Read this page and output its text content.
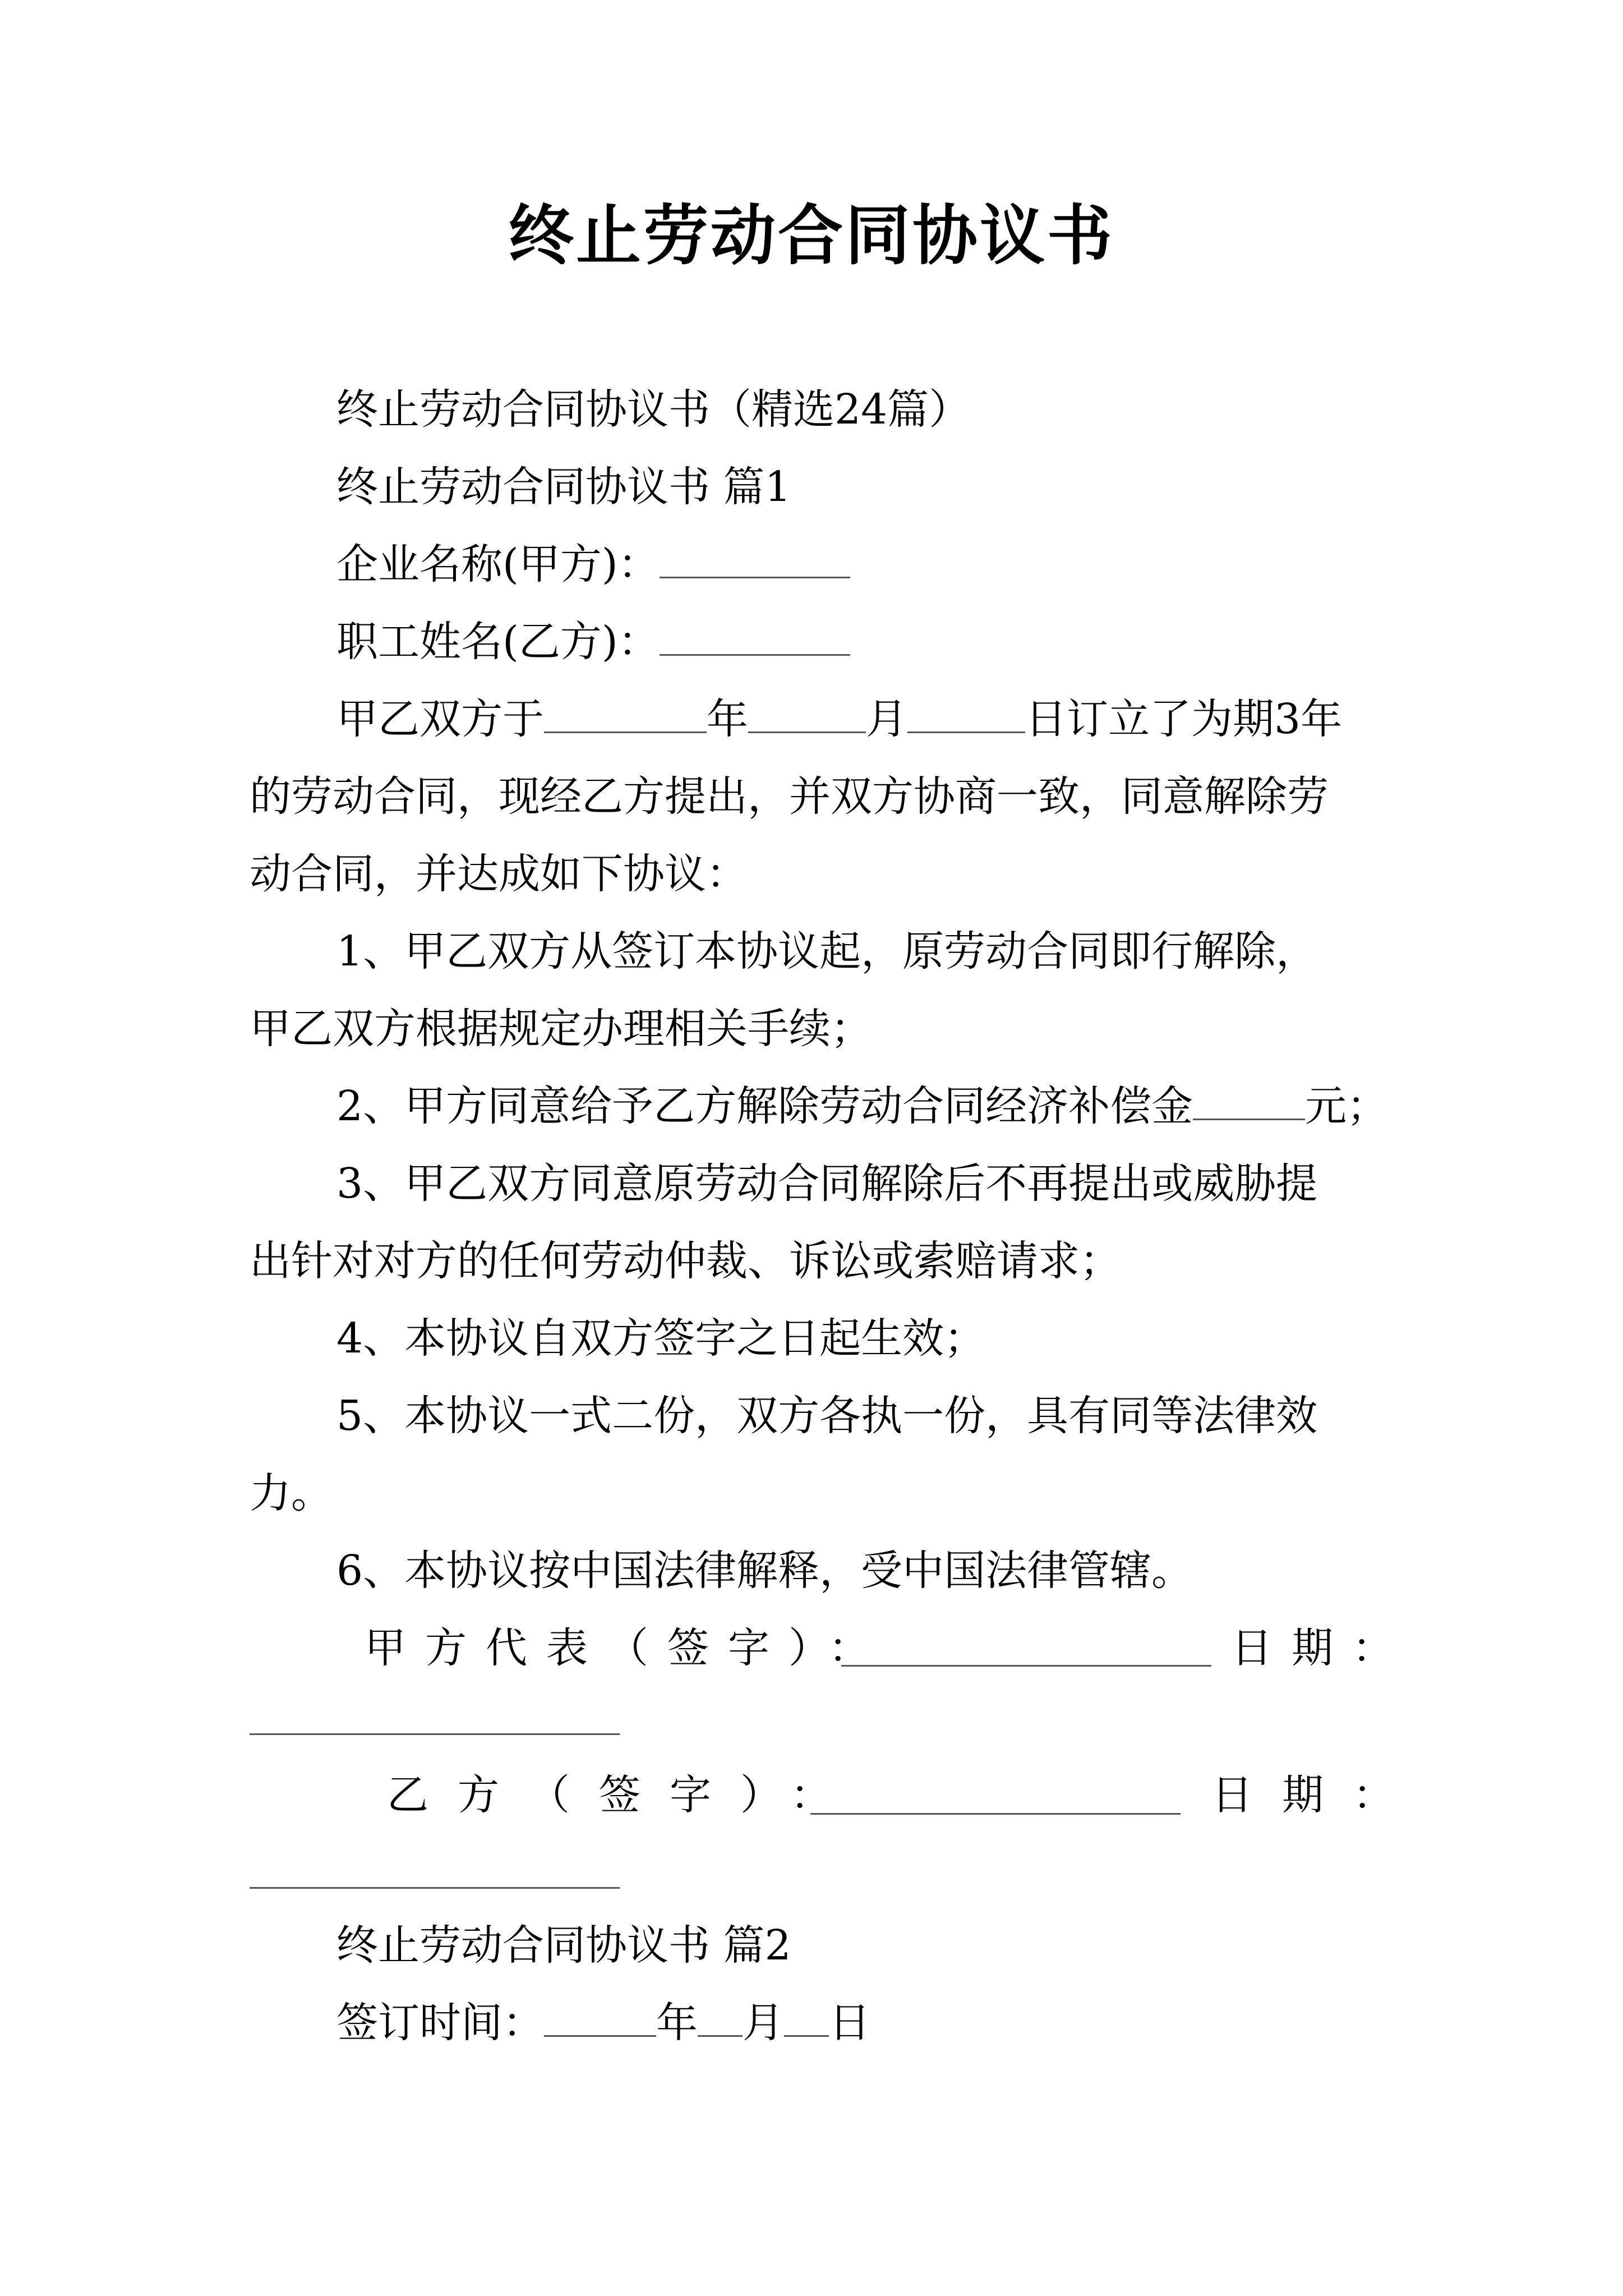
终止劳动合同协议书
终止劳动合同协议书（精选24篇）
终止劳动合同协议书 篇1
企业名称(甲方)：
职工姓名(乙方)：
甲乙双方于	年	月	日订立了为期3年
的劳动合同，现经乙方提出，并双方协商一致，同意解除劳
动合同，并达成如下协议：
1、甲乙双方从签订本协议起，原劳动合同即行解除，
甲乙双方根据规定办理相关手续；
2、甲方同意给予乙方解除劳动合同经济补偿金	元；
3、甲乙双方同意原劳动合同解除后不再提出或威胁提
出针对对方的任何劳动仲裁、诉讼或索赔请求；
4、本协议自双方签字之日起生效；
5、本协议一式二份，双方各执一份，具有同等法律效
力。
6、本协议按中国法律解释，受中国法律管辖。
甲方代表（签字）：	日期：
乙方（签字）：	日期：
终止劳动合同协议书 篇2
签订时间：	年 月 日
